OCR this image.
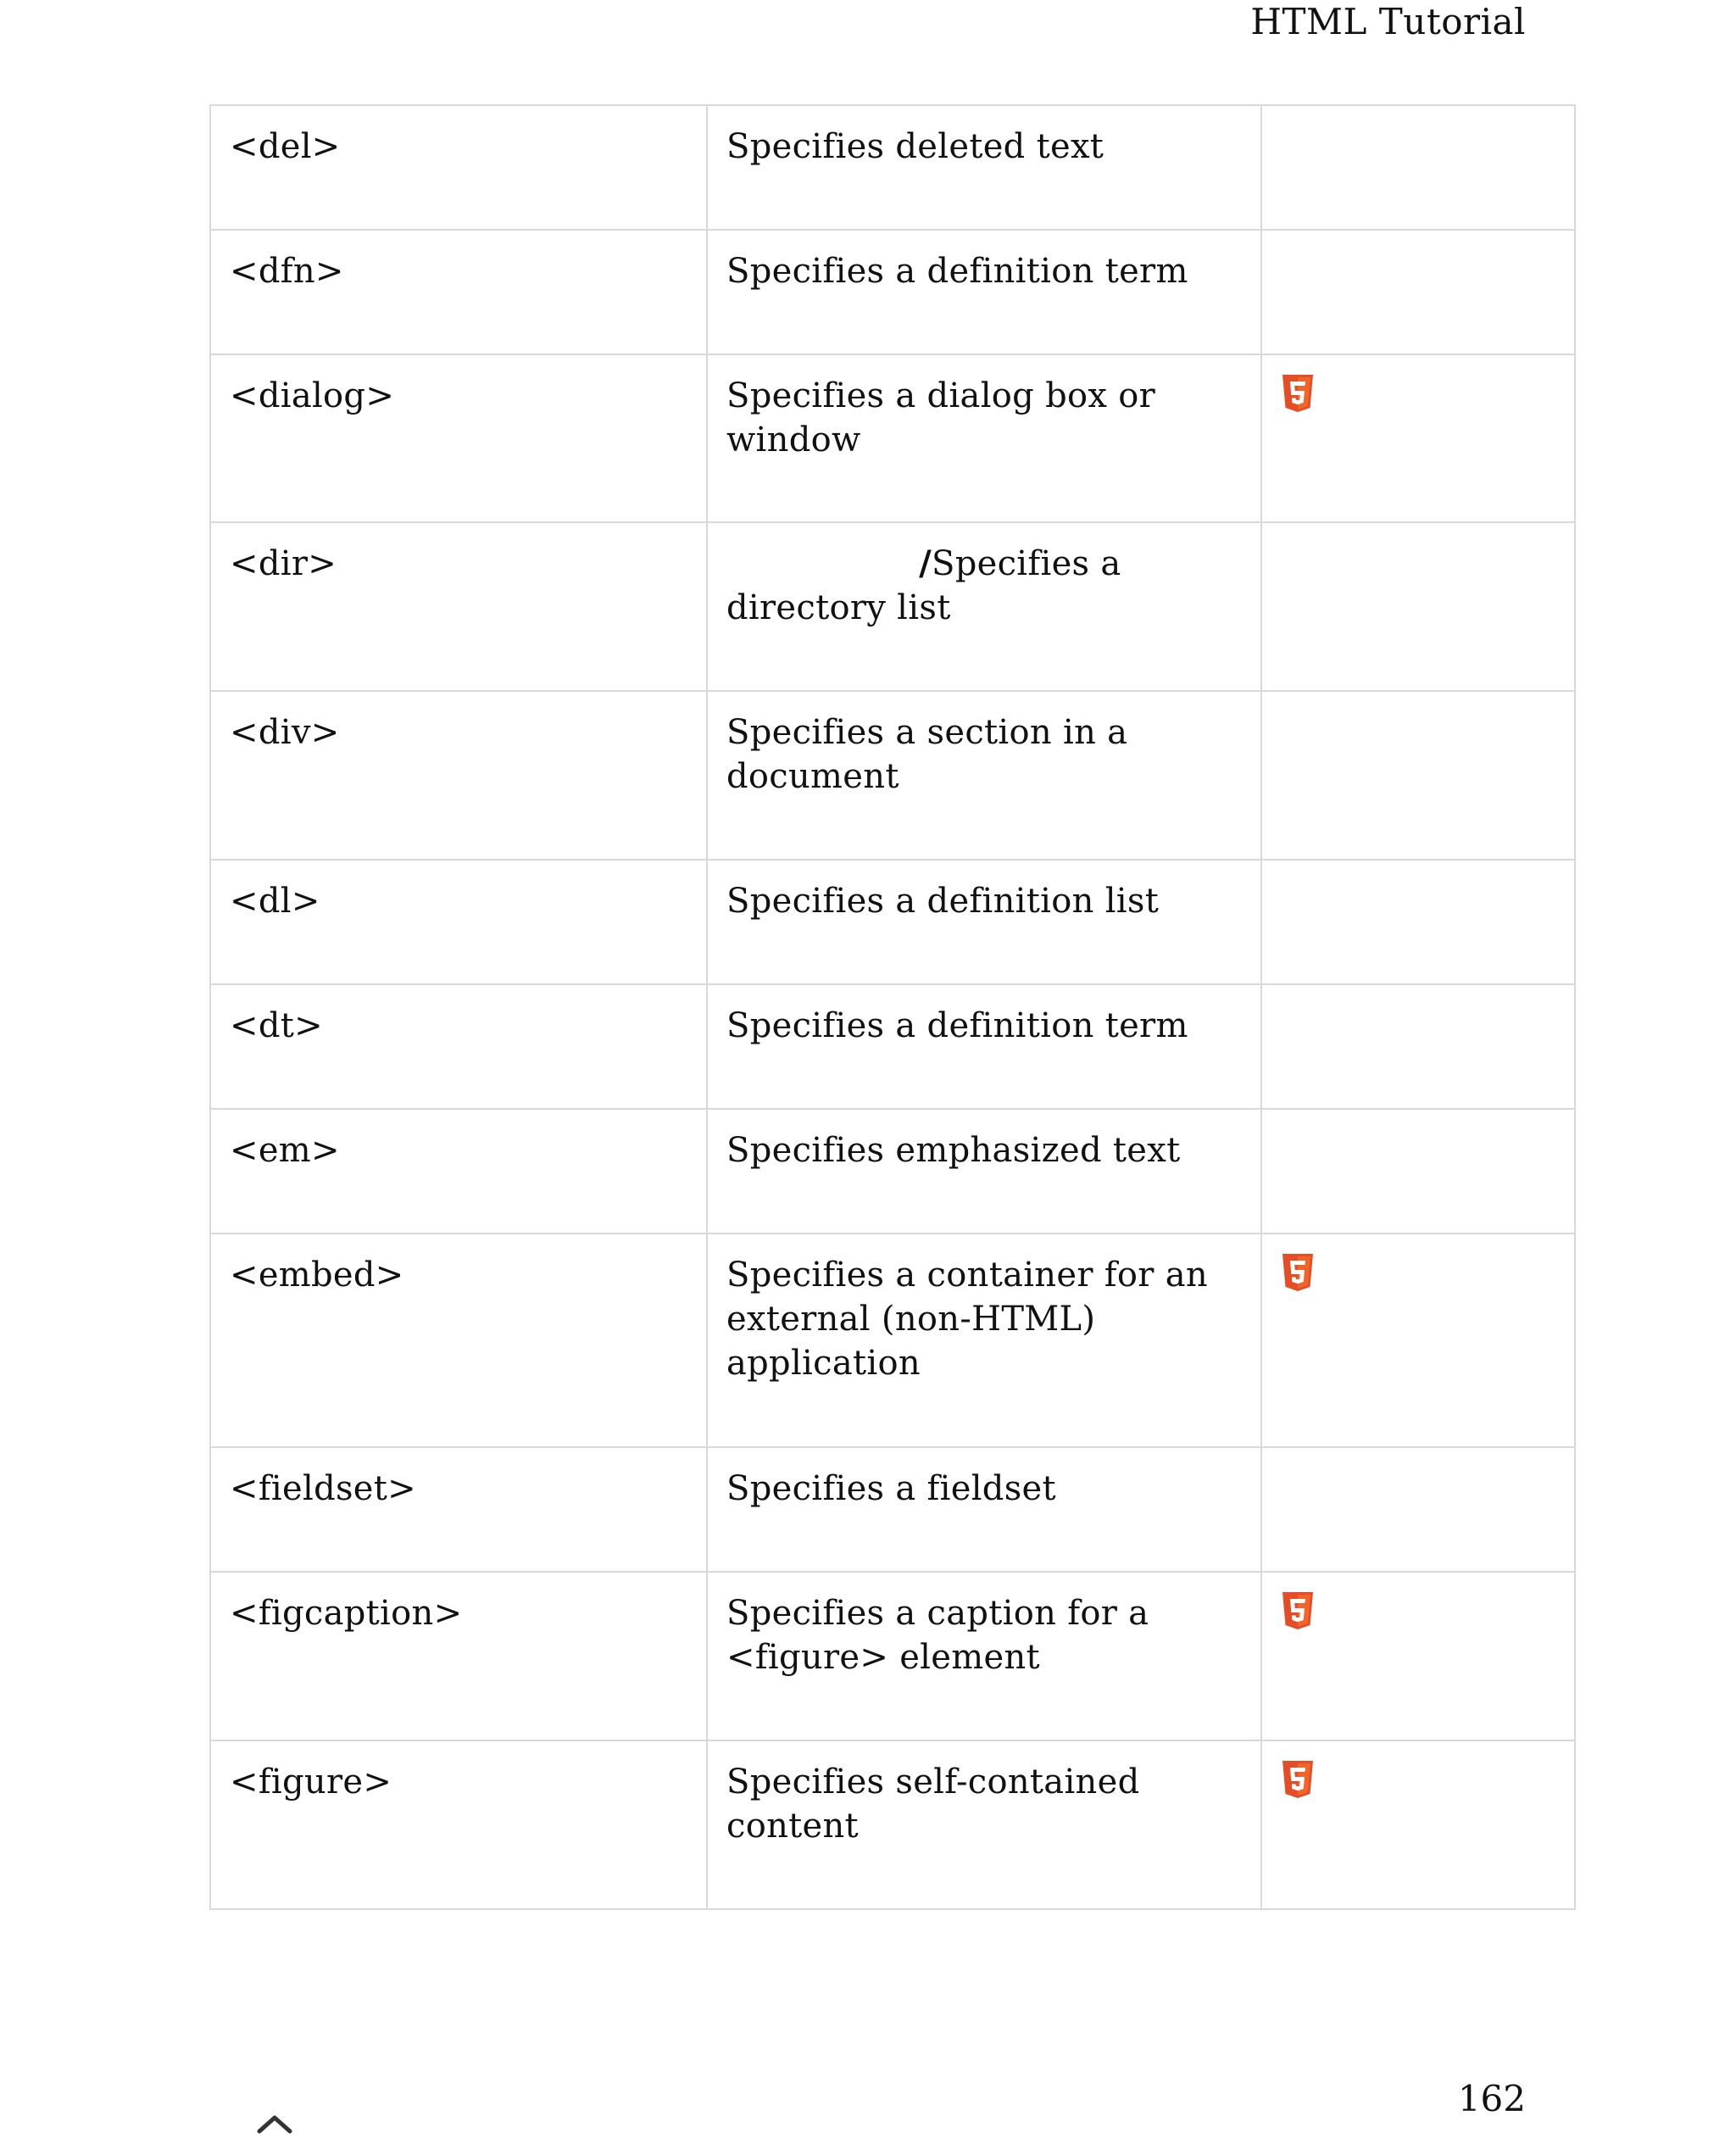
HTML Tutorial
<del>	Specifies deleted text	
<dfn>	Specifies a definition term	
<dialog>	Specifies a dialog box or window	

<dir>	/Specifies a directory list	
<div>	Specifies a section in a document	
<dl>	Specifies a definition list	
<dt>	Specifies a definition term	
<em>	Specifies emphasized text	
<embed>	Specifies a container for an external (non-HTML) application	

<fieldset>	Specifies a fieldset	
<figcaption>	Specifies a caption for a <figure> element	

<figure>	Specifies self-contained content	
162
